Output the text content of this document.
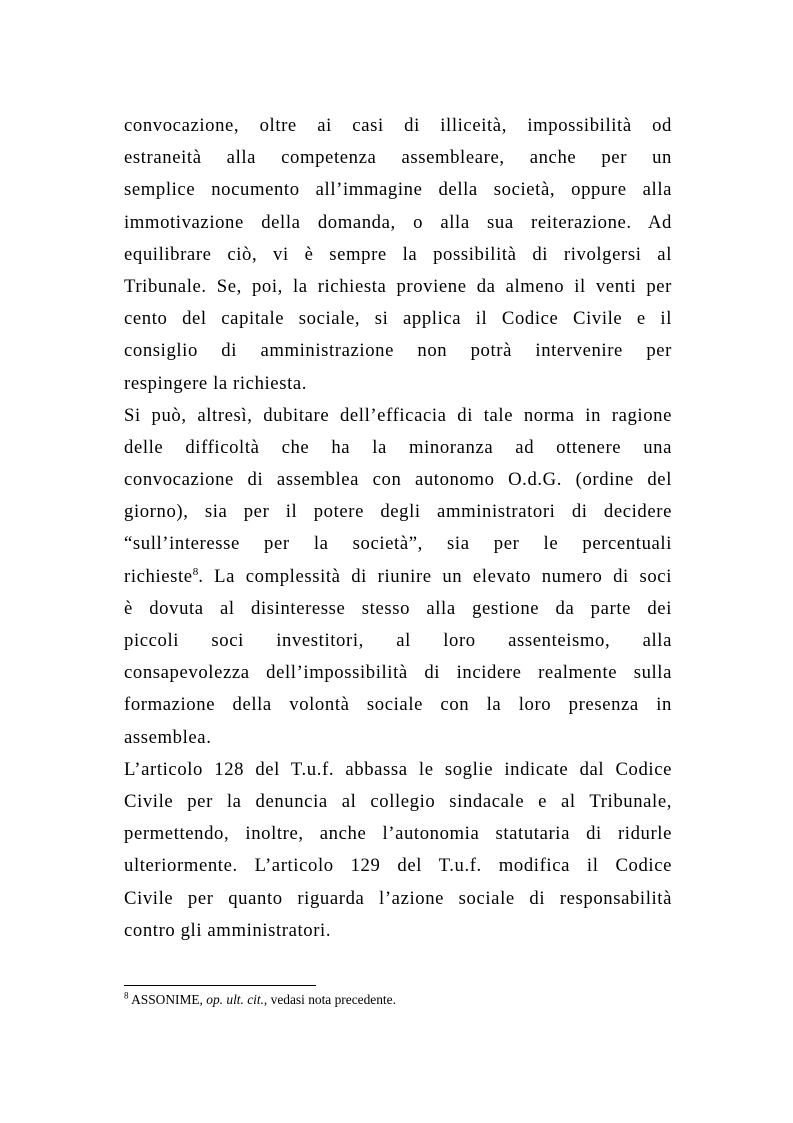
convocazione, oltre ai casi di illiceità, impossibilità od
estraneità alla competenza assembleare, anche per un
semplice nocumento all’immagine della società, oppure alla
immotivazione della domanda, o alla sua reiterazione. Ad
equilibrare ciò, vi è sempre la possibilità di rivolgersi al
Tribunale. Se, poi, la richiesta proviene da almeno il venti per
cento del capitale sociale, si applica il Codice Civile e il
consiglio di amministrazione non potrà intervenire per
respingere la richiesta.
Si può, altresì, dubitare dell’efficacia di tale norma in ragione
delle difficoltà che ha la minoranza ad ottenere una
convocazione di assemblea con autonomo O.d.G. (ordine del
giorno), sia per il potere degli amministratori di decidere
“sull’interesse per la società”, sia per le percentuali
richieste$^8$. La complessità di riunire un elevato numero di soci
è dovuta al disinteresse stesso alla gestione da parte dei
piccoli soci investitori, al loro assenteismo, alla
consapevolezza dell’impossibilità di incidere realmente sulla
formazione della volontà sociale con la loro presenza in
assemblea.
L’articolo 128 del T.u.f. abbassa le soglie indicate dal Codice
Civile per la denuncia al collegio sindacale e al Tribunale,
permettendo, inoltre, anche l’autonomia statutaria di ridurle
ulteriormente. L’articolo 129 del T.u.f. modifica il Codice
Civile per quanto riguarda l’azione sociale di responsabilità
contro gli amministratori.
$^8$ ASSONIME, op. ult. cit., vedasi nota precedente.
